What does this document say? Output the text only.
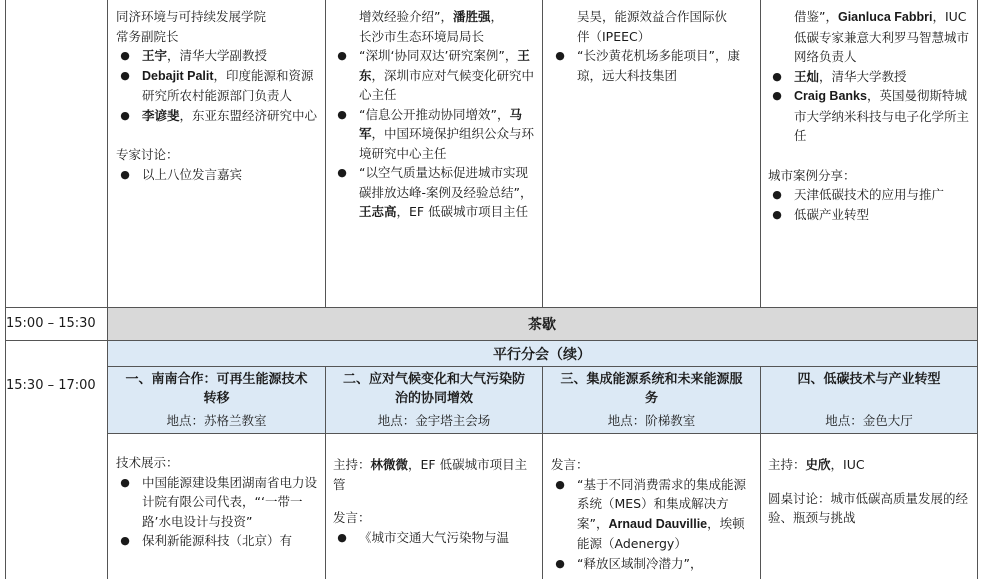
茶歇
平行分会（续）
15:00 – 15:30
15:30 – 17:00
同济环境与可持续发展学院
常务副院长
● 王宇，清华大学副教授
● Debajit Palit，印度能源和资源研究所农村能源部门负责人
● 李谚斐，东亚东盟经济研究中心
专家讨论：
● 以上八位发言嘉宾
增效经验介绍”，潘胜强，
长沙市生态环境局局长
● “深圳‘协同双达’研究案例”，王东，深圳市应对气候变化研究中心主任
● “信息公开推动协同增效”，马军，中国环境保护组织公众与环境研究中心主任
● “以空气质量达标促进城市实现碳排放达峰-案例及经验总结”，王志高，EF 低碳城市项目主任
吴昊，能源效益合作国际伙
伴（IPEEC）
● “长沙黄花机场多能项目”，康琼，远大科技集团
借鉴”，Gianluca Fabbri，IUC 低碳专家兼意大利罗马智慧城市网络负责人
● 王灿，清华大学教授
● Craig Banks，英国曼彻斯特城市大学纳米科技与电子化学所主任
城市案例分享：
● 天津低碳技术的应用与推广
● 低碳产业转型
一、南南合作：可再生能源技术
转移
地点：苏格兰教室
二、应对气候变化和大气污染防
治的协同增效
地点：金宇塔主会场
三、集成能源系统和未来能源服
务
地点：阶梯教室
四、低碳技术与产业转型
地点：金色大厅
技术展示：
● 中国能源建设集团湖南省电力设计院有限公司代表，“‘一带一路’水电设计与投资”
● 保利新能源科技（北京）有
主持：林微微，EF 低碳城市项目主管
发言：
● 《城市交通大气污染物与温
发言：
● “基于不同消费需求的集成能源系统（MES）和集成解决方案”，Arnaud Dauvillie，埃顿能源（Adenergy）
● “释放区域制冷潜力”，
主持：史欣，IUC
圆桌讨论：城市低碳高质量发展的经验、瓶颈与挑战
